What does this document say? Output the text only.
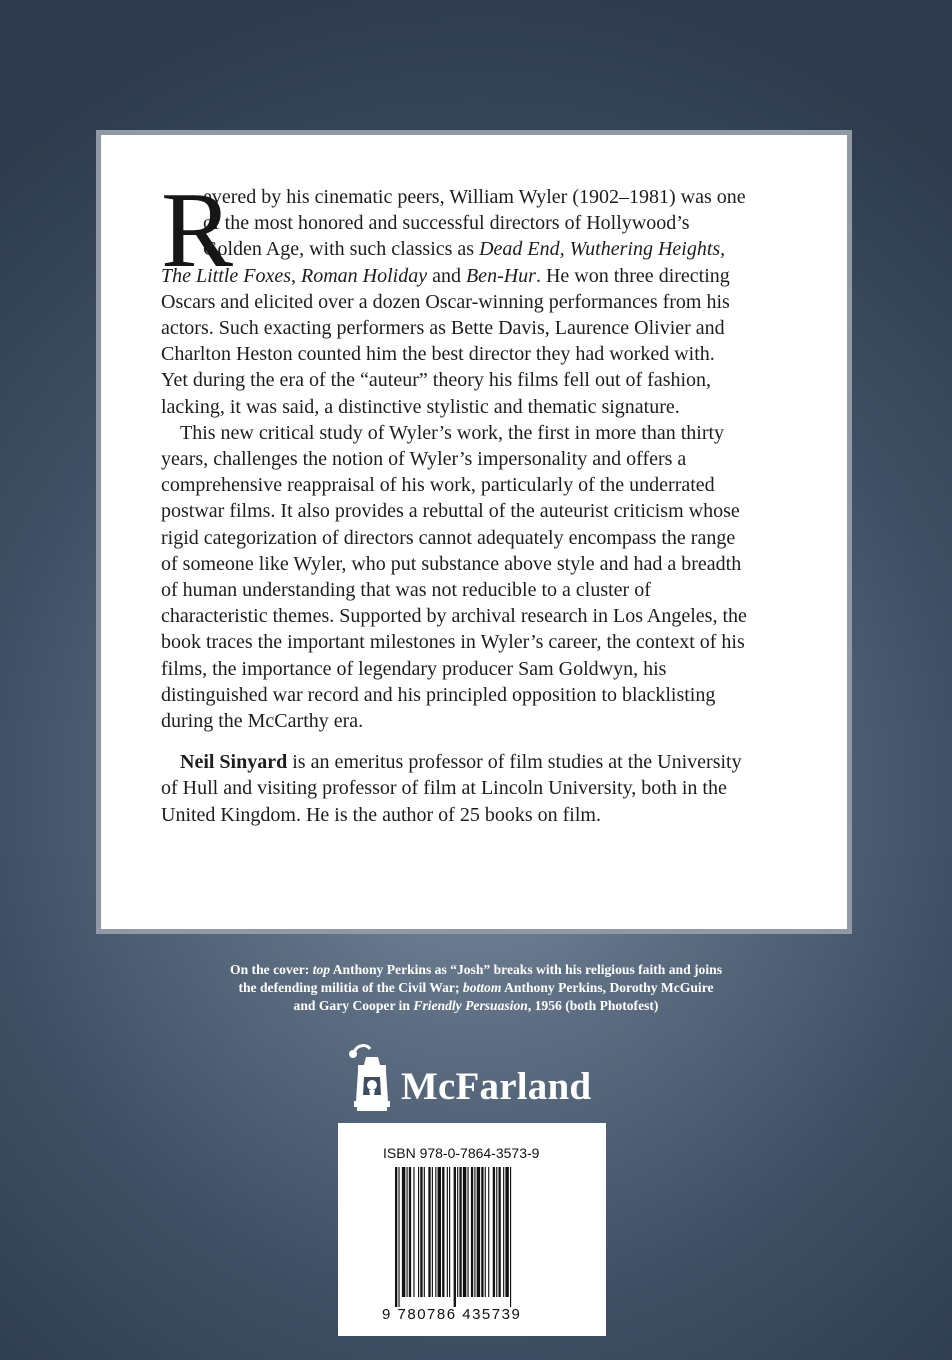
R
evered by his cinematic peers, William Wyler (1902–1981) was one
of the most honored and successful directors of Hollywood’s
Golden Age, with such classics as Dead End, Wuthering Heights,
The Little Foxes, Roman Holiday and Ben-Hur. He won three directing
Oscars and elicited over a dozen Oscar-winning performances from his
actors. Such exacting performers as Bette Davis, Laurence Olivier and
Charlton Heston counted him the best director they had worked with.
Yet during the era of the “auteur” theory his films fell out of fashion,
lacking, it was said, a distinctive stylistic and thematic signature.
This new critical study of Wyler’s work, the first in more than thirty
years, challenges the notion of Wyler’s impersonality and offers a
comprehensive reappraisal of his work, particularly of the underrated
postwar films. It also provides a rebuttal of the auteurist criticism whose
rigid categorization of directors cannot adequately encompass the range
of someone like Wyler, who put substance above style and had a breadth
of human understanding that was not reducible to a cluster of
characteristic themes. Supported by archival research in Los Angeles, the
book traces the important milestones in Wyler’s career, the context of his
films, the importance of legendary producer Sam Goldwyn, his
distinguished war record and his principled opposition to blacklisting
during the McCarthy era.
Neil Sinyard is an emeritus professor of film studies at the University
of Hull and visiting professor of film at Lincoln University, both in the
United Kingdom. He is the author of 25 books on film.
On the cover: top Anthony Perkins as “Josh” breaks with his religious faith and joins
the defending militia of the Civil War; bottom Anthony Perkins, Dorothy McGuire
and Gary Cooper in Friendly Persuasion, 1956 (both Photofest)
McFarland
ISBN 978-0-7864-3573-9
9 780786 435739
